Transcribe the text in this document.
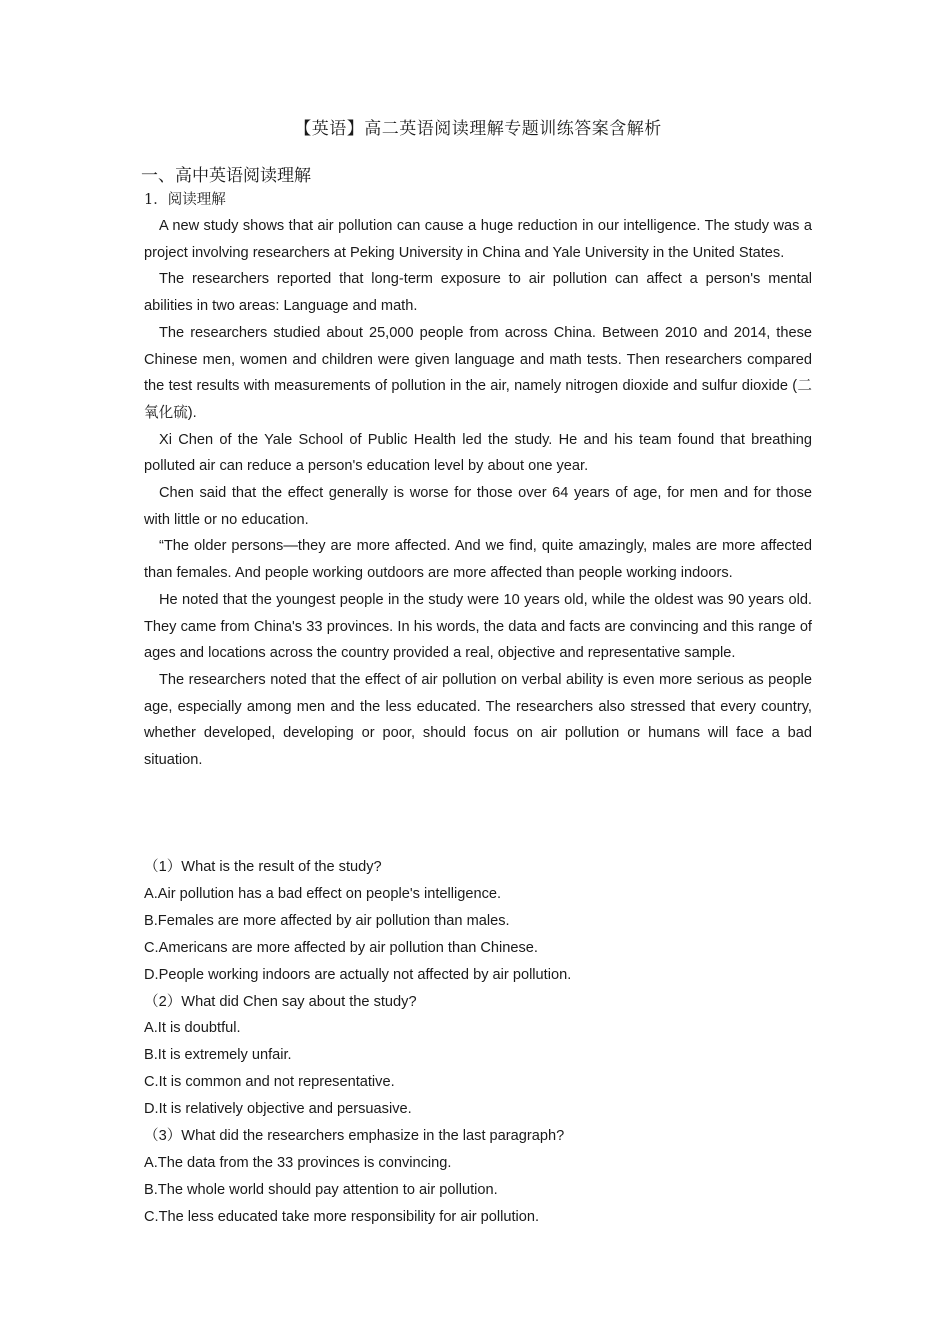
【英语】高二英语阅读理解专题训练答案含解析
一、高中英语阅读理解
1．阅读理解

A new study shows that air pollution can cause a huge reduction in our intelligence. The study was a project involving researchers at Peking University in China and Yale University in the United States.

The researchers reported that long-term exposure to air pollution can affect a person's mental abilities in two areas: Language and math.

The researchers studied about 25,000 people from across China. Between 2010 and 2014, these Chinese men, women and children were given language and math tests. Then researchers compared the test results with measurements of pollution in the air, namely nitrogen dioxide and sulfur dioxide (二氧化硫).

Xi Chen of the Yale School of Public Health led the study. He and his team found that breathing polluted air can reduce a person's education level by about one year.

Chen said that the effect generally is worse for those over 64 years of age, for men and for those with little or no education.

“The older persons—they are more affected. And we find, quite amazingly, males are more affected than females. And people working outdoors are more affected than people working indoors.

He noted that the youngest people in the study were 10 years old, while the oldest was 90 years old. They came from China's 33 provinces. In his words, the data and facts are convincing and this range of ages and locations across the country provided a real, objective and representative sample.

The researchers noted that the effect of air pollution on verbal ability is even more serious as people age, especially among men and the less educated. The researchers also stressed that every country, whether developed, developing or poor, should focus on air pollution or humans will face a bad situation.

（1）What is the result of the study?

A.Air pollution has a bad effect on people's intelligence.

B.Females are more affected by air pollution than males.

C.Americans are more affected by air pollution than Chinese.

D.People working indoors are actually not affected by air pollution.

（2）What did Chen say about the study?

A.It is doubtful.

B.It is extremely unfair.

C.It is common and not representative.

D.It is relatively objective and persuasive.

（3）What did the researchers emphasize in the last paragraph?

A.The data from the 33 provinces is convincing.

B.The whole world should pay attention to air pollution.

C.The less educated take more responsibility for air pollution.
